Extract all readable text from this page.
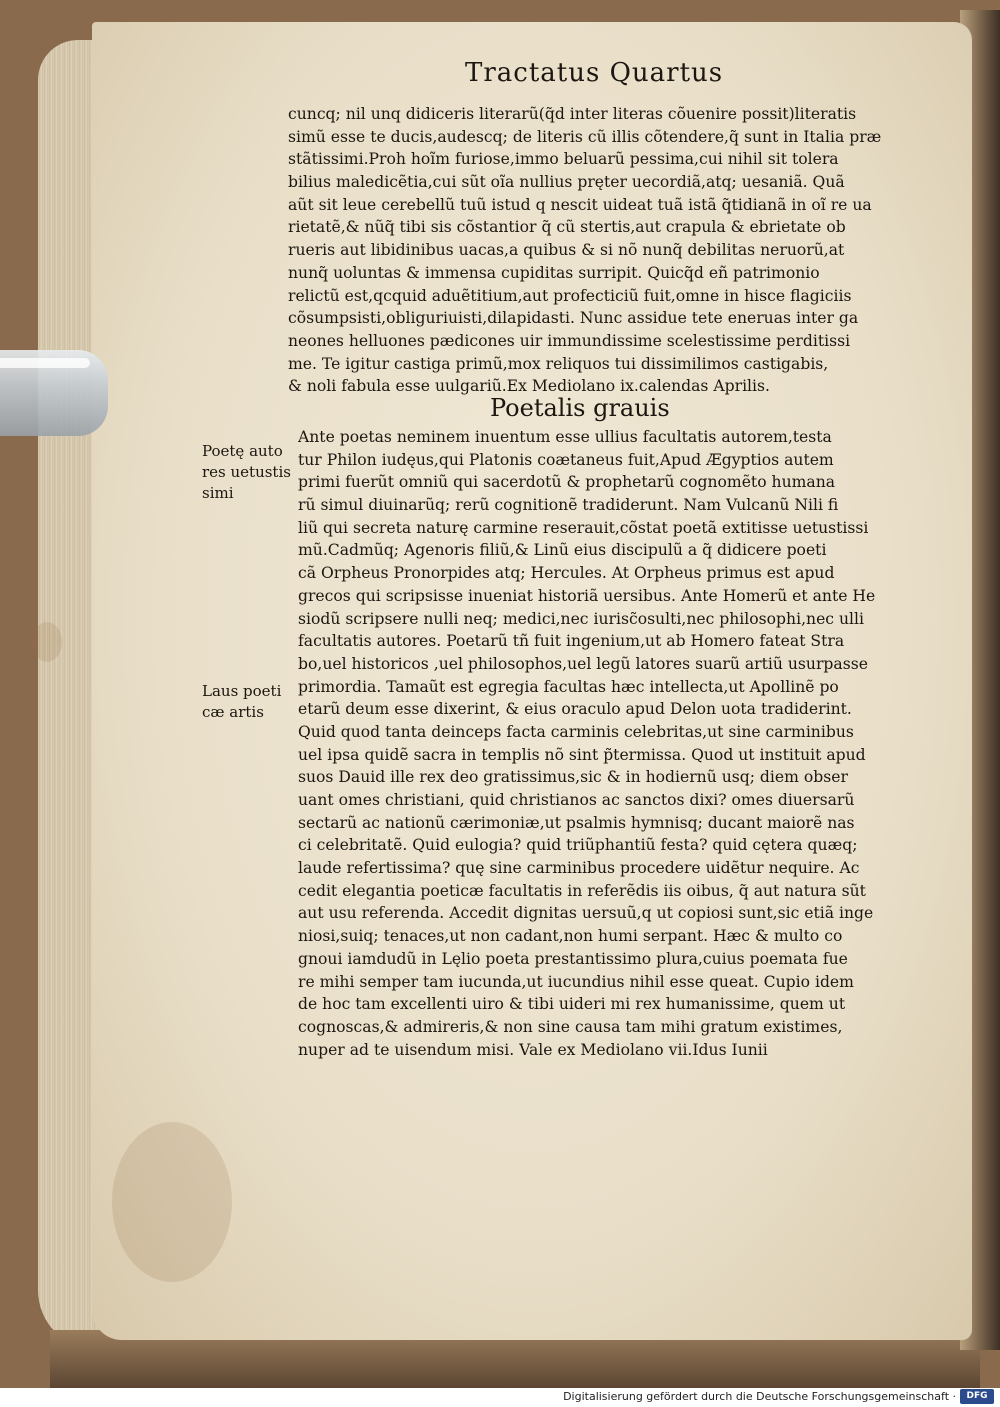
Tractatus Quartus
cuncq; nil unq didiceris literarũ(q̃d inter literas cõuenire possit)literatis
simũ esse te ducis,audescq; de literis cũ illis cõtendere,q̃ sunt in Italia præ
stãtissimi.Proh hoĩm furiose,immo beluarũ pessima,cui nihil sit tolera
bilius maledicẽtia,cui sũt oĩa nullius pręter uecordiã,atq; uesaniã. Quã
aũt sit leue cerebellũ tuũ istud q nescit uideat tuã istã q̃tidianã in oĩ re ua
rietatẽ,& nũq̃ tibi sis cõstantior q̃ cũ stertis,aut crapula & ebrietate ob
rueris aut libidinibus uacas,a quibus & si nõ nunq̃ debilitas neruorũ,at
nunq̃ uoluntas & immensa cupiditas surripit. Quicq̃d eñ patrimonio
relictũ est,qcquid aduẽtitium,aut profecticiũ fuit,omne in hisce flagiciis
cõsumpsisti,obliguriuisti,dilapidasti. Nunc assidue tete eneruas inter ga
neones helluones pædicones uir immundissime scelestissime perditissi
me. Te igitur castiga primũ,mox reliquos tui dissimilimos castigabis,
& noli fabula esse uulgariũ.Ex Mediolano ix.calendas Aprilis.
Poetalis grauis
Poetę auto
res uetustis
simi
Laus poeti
cæ artis
Ante poetas neminem inuentum esse ullius facultatis autorem,testa
tur Philon iudęus,qui Platonis coætaneus fuit,Apud Ægyptios autem
primi fuerũt omniũ qui sacerdotũ & prophetarũ cognomẽto humana
rũ simul diuinarũq; rerũ cognitionẽ tradiderunt. Nam Vulcanũ Nili fi
liũ qui secreta naturę carmine reserauit,cõstat poetã extitisse uetustissi
mũ.Cadmũq; Agenoris filiũ,& Linũ eius discipulũ a q̃ didicere poeti
cã Orpheus Pronorpides atq; Hercules. At Orpheus primus est apud
grecos qui scripsisse inueniat historiã uersibus. Ante Homerũ et ante He
siodũ scripsere nulli neq; medici,nec iurisc̃osulti,nec philosophi,nec ulli
facultatis autores. Poetarũ tñ fuit ingenium,ut ab Homero fateat Stra
bo,uel historicos ,uel philosophos,uel legũ latores suarũ artiũ usurpasse
primordia. Tamaũt est egregia facultas hæc intellecta,ut Apollinẽ po
etarũ deum esse dixerint, & eius oraculo apud Delon uota tradiderint.
Quid quod tanta deinceps facta carminis celebritas,ut sine carminibus
uel ipsa quidẽ sacra in templis nõ sint p̃termissa. Quod ut instituit apud
suos Dauid ille rex deo gratissimus,sic & in hodiernũ usq; diem obser
uant omes christiani, quid christianos ac sanctos dixi? omes diuersarũ
sectarũ ac nationũ cærimoniæ,ut psalmis hymnisq; ducant maiorẽ nas
ci celebritatẽ. Quid eulogia? quid triũphantiũ festa? quid cętera quæq;
laude refertissima? quę sine carminibus procedere uidẽtur nequire. Ac
cedit elegantia poeticæ facultatis in referẽdis iis oibus, q̃ aut natura sũt
aut usu referenda. Accedit dignitas uersuũ,q ut copiosi sunt,sic etiã inge
niosi,suiq; tenaces,ut non cadant,non humi serpant. Hæc & multo co
gnoui iamdudũ in Lęlio poeta prestantissimo plura,cuius poemata fue
re mihi semper tam iucunda,ut iucundius nihil esse queat. Cupio idem
de hoc tam excellenti uiro & tibi uideri mi rex humanissime, quem ut
cognoscas,& admireris,& non sine causa tam mihi gratum existimes,
nuper ad te uisendum misi. Vale ex Mediolano vii.Idus Iunii
Digitalisierung gefördert durch die Deutsche Forschungsgemeinschaft ·	DFG
